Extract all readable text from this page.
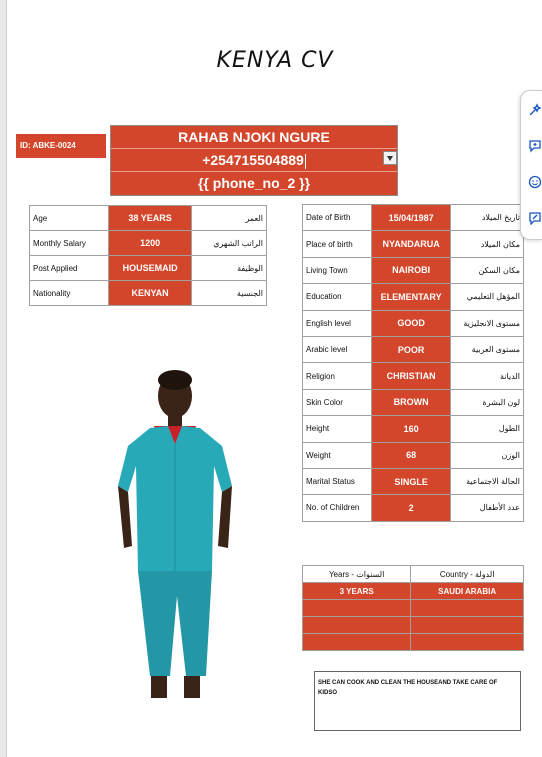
KENYA CV
ID: ABKE-0024
RAHAB NJOKI NGURE
+254715504889
{{ phone_no_2 }}
Age	38 YEARS	العمر
Monthly Salary	1200	الراتب الشهري
Post Applied	HOUSEMAID	الوظيفة
Nationality	KENYAN	الجنسية
Date of Birth	15/04/1987	تاريخ الميلاد
Place of birth	NYANDARUA	مكان الميلاد
Living Town	NAIROBI	مكان السكن
Education	ELEMENTARY	المؤهل التعليمي
English level	GOOD	مستوى الانجليزية
Arabic level	POOR	مستوى العربية
Religion	CHRISTIAN	الديانة
Skin Color	BROWN	لون البشرة
Height	160	الطول
Weight	68	الوزن
Marital Status	SINGLE	الحالة الاجتماعية
No. of Children	2	عدد الأطفال
Years - السنوات	Country - الدولة
3 YEARS	SAUDI ARABIA

SHE CAN COOK AND CLEAN THE HOUSEAND TAKE CARE OF KIDSO
